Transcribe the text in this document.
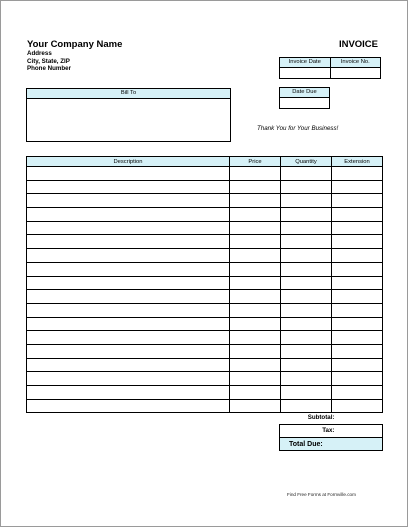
Your Company Name
Address
City, State, ZIP
Phone Number
INVOICE
Invoice Date	Invoice No.
Date Due
Bill To
Thank You for Your Business!
Description	Price	Quantity	Extension

Subtotal:	
Tax:	
Total Due:	
Find Free Forms at Formville.com
